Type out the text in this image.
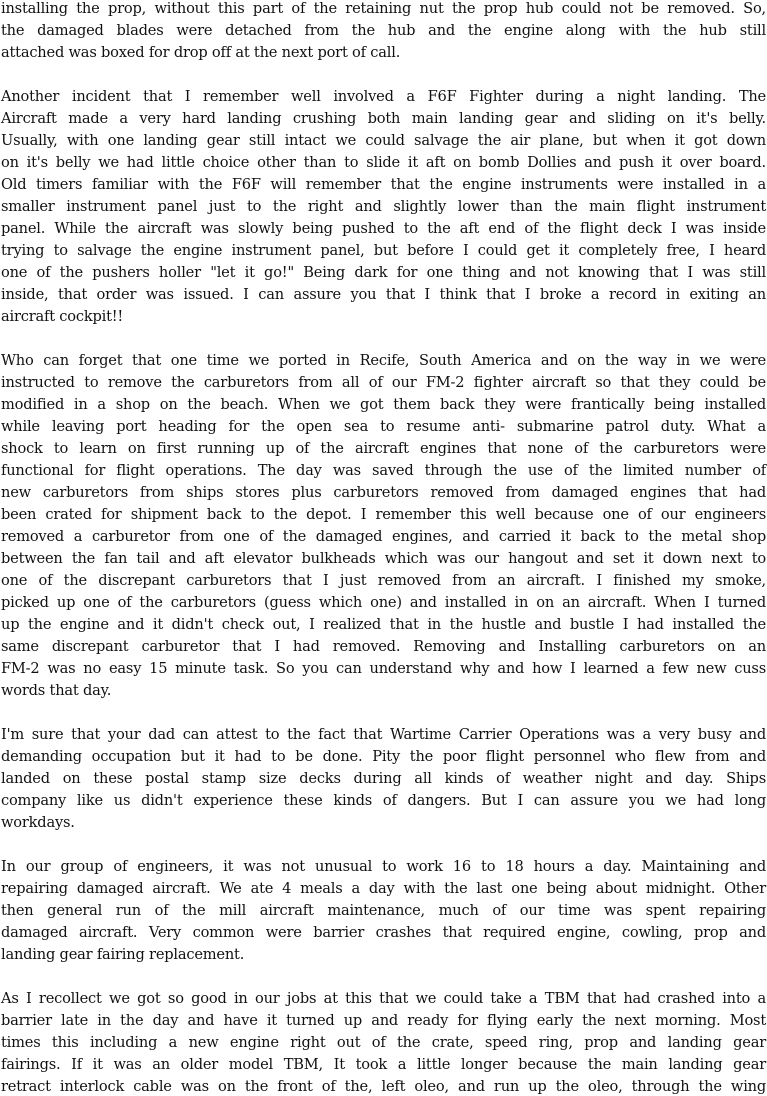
installing the prop, without this part of the retaining nut the prop hub could not be removed. So,
the damaged blades were detached from the hub and the engine along with the hub still
attached was boxed for drop off at the next port of call.
Another incident that I remember well involved a F6F Fighter during a night landing. The
Aircraft made a very hard landing crushing both main landing gear and sliding on it's belly.
Usually, with one landing gear still intact we could salvage the air plane, but when it got down
on it's belly we had little choice other than to slide it aft on bomb Dollies and push it over board.
Old timers familiar with the F6F will remember that the engine instruments were installed in a
smaller instrument panel just to the right and slightly lower than the main flight instrument
panel. While the aircraft was slowly being pushed to the aft end of the flight deck I was inside
trying to salvage the engine instrument panel, but before I could get it completely free, I heard
one of the pushers holler "let it go!" Being dark for one thing and not knowing that I was still
inside, that order was issued. I can assure you that I think that I broke a record in exiting an
aircraft cockpit!!
Who can forget that one time we ported in Recife, South America and on the way in we were
instructed to remove the carburetors from all of our FM-2 fighter aircraft so that they could be
modified in a shop on the beach. When we got them back they were frantically being installed
while leaving port heading for the open sea to resume anti- submarine patrol duty. What a
shock to learn on first running up of the aircraft engines that none of the carburetors were
functional for flight operations. The day was saved through the use of the limited number of
new carburetors from ships stores plus carburetors removed from damaged engines that had
been crated for shipment back to the depot. I remember this well because one of our engineers
removed a carburetor from one of the damaged engines, and carried it back to the metal shop
between the fan tail and aft elevator bulkheads which was our hangout and set it down next to
one of the discrepant carburetors that I just removed from an aircraft. I finished my smoke,
picked up one of the carburetors (guess which one) and installed in on an aircraft. When I turned
up the engine and it didn't check out, I realized that in the hustle and bustle I had installed the
same discrepant carburetor that I had removed. Removing and Installing carburetors on an
FM-2 was no easy 15 minute task. So you can understand why and how I learned a few new cuss
words that day.
I'm sure that your dad can attest to the fact that Wartime Carrier Operations was a very busy and
demanding occupation but it had to be done. Pity the poor flight personnel who flew from and
landed on these postal stamp size decks during all kinds of weather night and day. Ships
company like us didn't experience these kinds of dangers. But I can assure you we had long
workdays.
In our group of engineers, it was not unusual to work 16 to 18 hours a day. Maintaining and
repairing damaged aircraft. We ate 4 meals a day with the last one being about midnight. Other
then general run of the mill aircraft maintenance, much of our time was spent repairing
damaged aircraft. Very common were barrier crashes that required engine, cowling, prop and
landing gear fairing replacement.
As I recollect we got so good in our jobs at this that we could take a TBM that had crashed into a
barrier late in the day and have it turned up and ready for flying early the next morning. Most
times this including a new engine right out of the crate, speed ring, prop and landing gear
fairings. If it was an older model TBM, It took a little longer because the main landing gear
retract interlock cable was on the front of the, left oleo, and run up the oleo, through the wing
